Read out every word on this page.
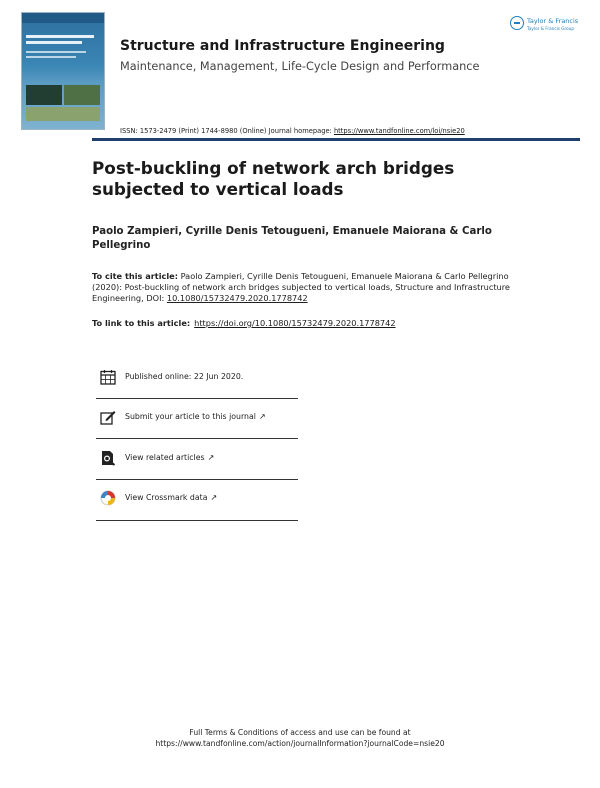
Structure and Infrastructure Engineering
Maintenance, Management, Life-Cycle Design and Performance
ISSN: 1573-2479 (Print) 1744-8980 (Online) Journal homepage: https://www.tandfonline.com/loi/nsie20
Taylor & Francis
Taylor & Francis Group
Post-buckling of network arch bridges subjected to vertical loads
Paolo Zampieri, Cyrille Denis Tetougueni, Emanuele Maiorana & Carlo Pellegrino
To cite this article: Paolo Zampieri, Cyrille Denis Tetougueni, Emanuele Maiorana & Carlo Pellegrino (2020): Post-buckling of network arch bridges subjected to vertical loads, Structure and Infrastructure Engineering, DOI: 10.1080/15732479.2020.1778742
To link to this article: https://doi.org/10.1080/15732479.2020.1778742
Published online: 22 Jun 2020.
Submit your article to this journal ↗
View related articles ↗
View Crossmark data ↗
Full Terms & Conditions of access and use can be found at
https://www.tandfonline.com/action/journalInformation?journalCode=nsie20
